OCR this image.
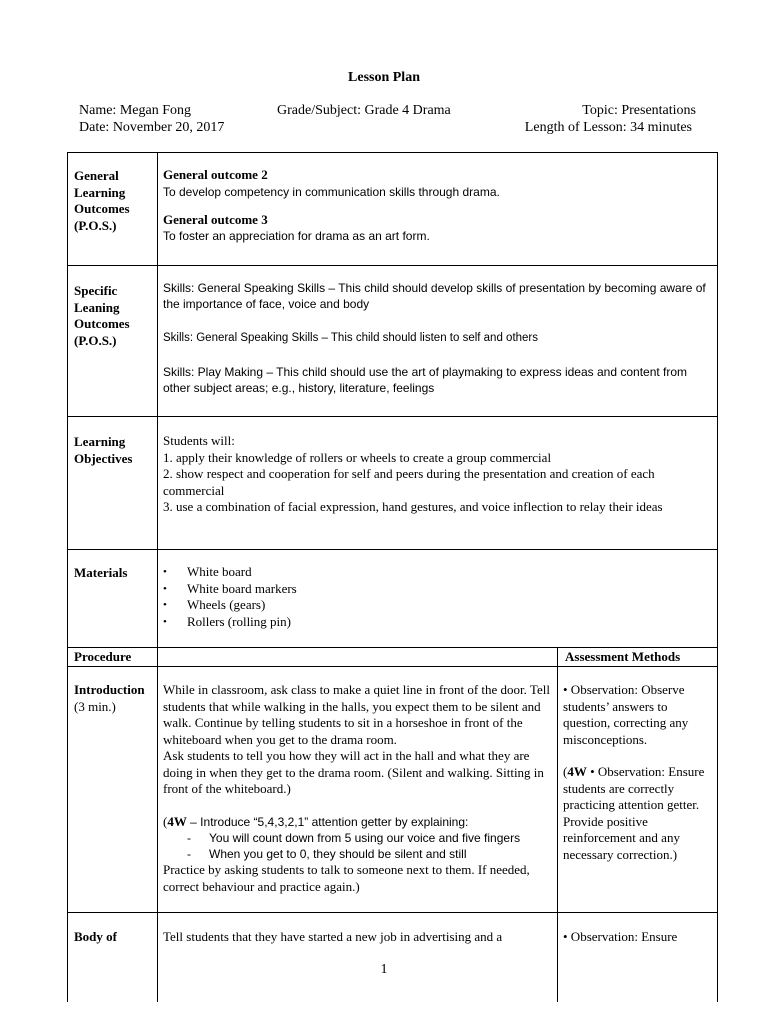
Lesson Plan
Name: Megan Fong
Date: November 20, 2017
Grade/Subject: Grade 4 Drama	Topic: Presentations
Length of Lesson: 34 minutes
General Learning Outcomes (P.O.S.)
General outcome 2
To develop competency in communication skills through drama.
General outcome 3
To foster an appreciation for drama as an art form.
Specific Leaning Outcomes (P.O.S.)
Skills: General Speaking Skills – This child should develop skills of presentation by becoming aware of the importance of face, voice and body
Skills: General Speaking Skills – This child should listen to self and others
Skills: Play Making – This child should use the art of playmaking to express ideas and content from other subject areas; e.g., history, literature, feelings
Learning Objectives
Students will:
1. apply their knowledge of rollers or wheels to create a group commercial
2. show respect and cooperation for self and peers during the presentation and creation of each commercial
3. use a combination of facial expression, hand gestures, and voice inflection to relay their ideas
Materials
•	White board
• White board markers
• Wheels (gears)
• Rollers (rolling pin)
Procedure	Assessment Methods
Introduction
(3 min.)
While in classroom, ask class to make a quiet line in front of the door. Tell students that while walking in the halls, you expect them to be silent and walk. Continue by telling students to sit in a horseshoe in front of the whiteboard when you get to the drama room.
Ask students to tell you how they will act in the hall and what they are doing in when they get to the drama room. (Silent and walking. Sitting in front of the whiteboard.)
(4W – Introduce “5,4,3,2,1” attention getter by explaining:
- You will count down from 5 using our voice and five fingers
- When you get to 0, they should be silent and still
Practice by asking students to talk to someone next to them. If needed, correct behaviour and practice again.)
• Observation: Observe students’ answers to question, correcting any misconceptions.
(4W • Observation: Ensure students are correctly practicing attention getter. Provide positive reinforcement and any necessary correction.)
Body of	Tell students that they have started a new job in advertising and a	• Observation: Ensure
1
